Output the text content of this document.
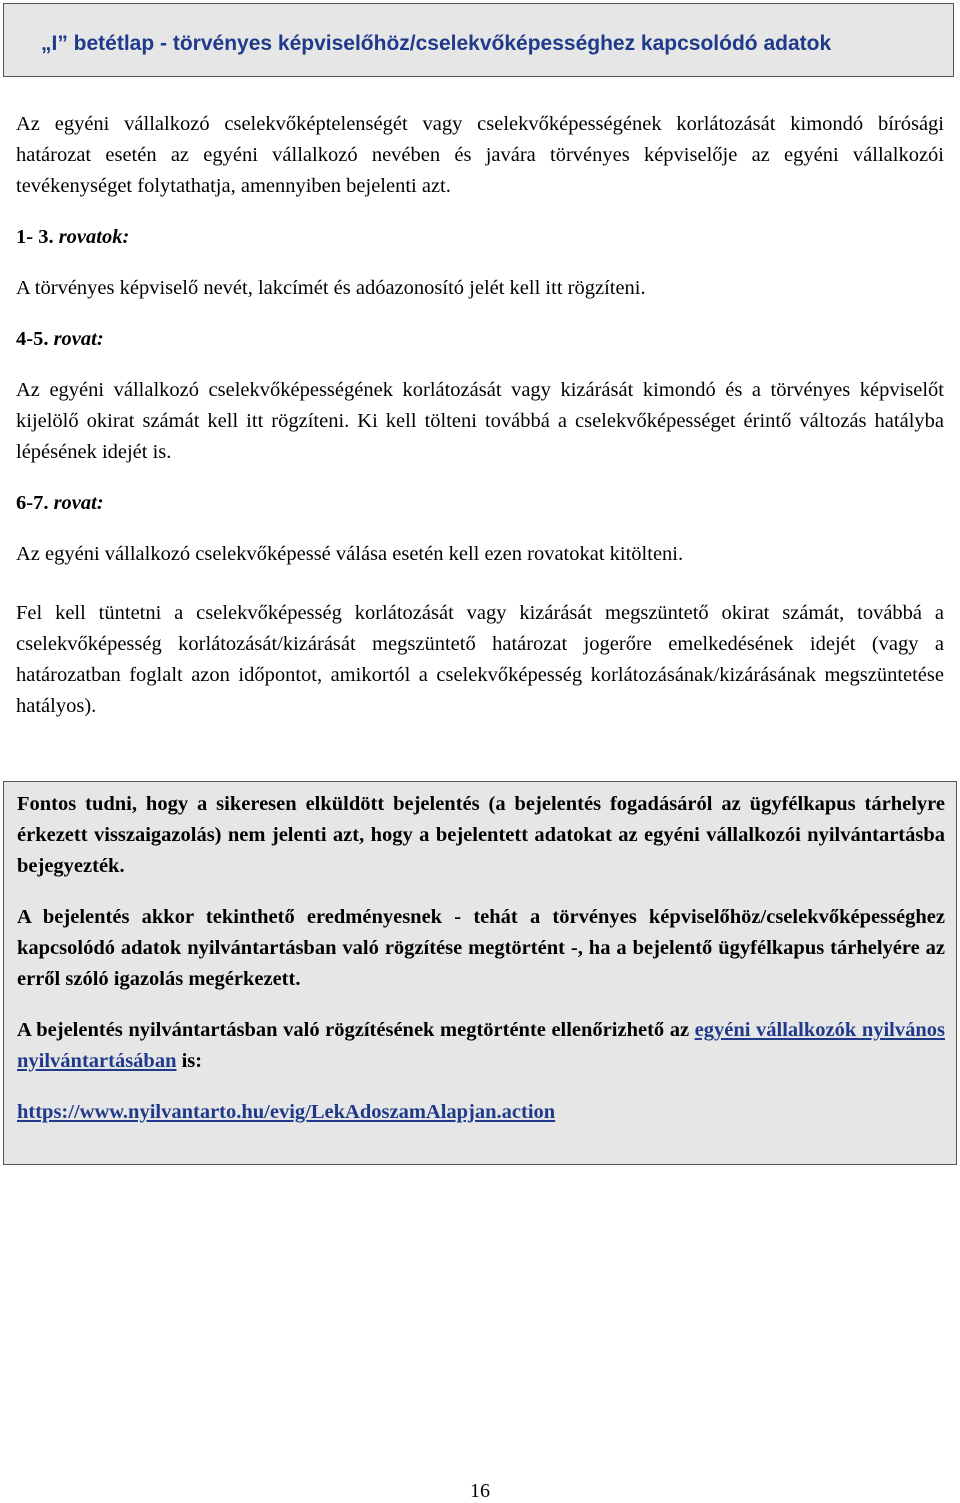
„I” betétlap - törvényes képviselőhöz/cselekvőképességhez kapcsolódó adatok

Az egyéni vállalkozó cselekvőképtelenségét vagy cselekvőképességének korlátozását kimondó bírósági határozat esetén az egyéni vállalkozó nevében és javára törvényes képviselője az egyéni vállalkozói tevékenységet folytathatja, amennyiben bejelenti azt.

1- 3. rovatok:

A törvényes képviselő nevét, lakcímét és adóazonosító jelét kell itt rögzíteni.

4-5. rovat:

Az egyéni vállalkozó cselekvőképességének korlátozását vagy kizárását kimondó és a törvényes képviselőt kijelölő okirat számát kell itt rögzíteni. Ki kell tölteni továbbá a cselekvőképességet érintő változás hatályba lépésének idejét is.

6-7. rovat:

Az egyéni vállalkozó cselekvőképessé válása esetén kell ezen rovatokat kitölteni.

Fel kell tüntetni a cselekvőképesség korlátozását vagy kizárását megszüntető okirat számát, továbbá a cselekvőképesség korlátozását/kizárását megszüntető határozat jogerőre emelkedésének idejét (vagy a határozatban foglalt azon időpontot, amikortól a cselekvőképesség korlátozásának/kizárásának megszüntetése hatályos).

Fontos tudni, hogy a sikeresen elküldött bejelentés (a bejelentés fogadásáról az ügyfélkapus tárhelyre érkezett visszaigazolás) nem jelenti azt, hogy a bejelentett adatokat az egyéni vállalkozói nyilvántartásba bejegyezték.

A bejelentés akkor tekinthető eredményesnek - tehát a törvényes képviselőhöz/cselekvőképességhez kapcsolódó adatok nyilvántartásban való rögzítése megtörtént -, ha a bejelentő ügyfélkapus tárhelyére az erről szóló igazolás megérkezett.

A bejelentés nyilvántartásban való rögzítésének megtörténte ellenőrizhető az egyéni vállalkozók nyilvános nyilvántartásában is:

https://www.nyilvantarto.hu/evig/LekAdoszamAlapjan.action

16
